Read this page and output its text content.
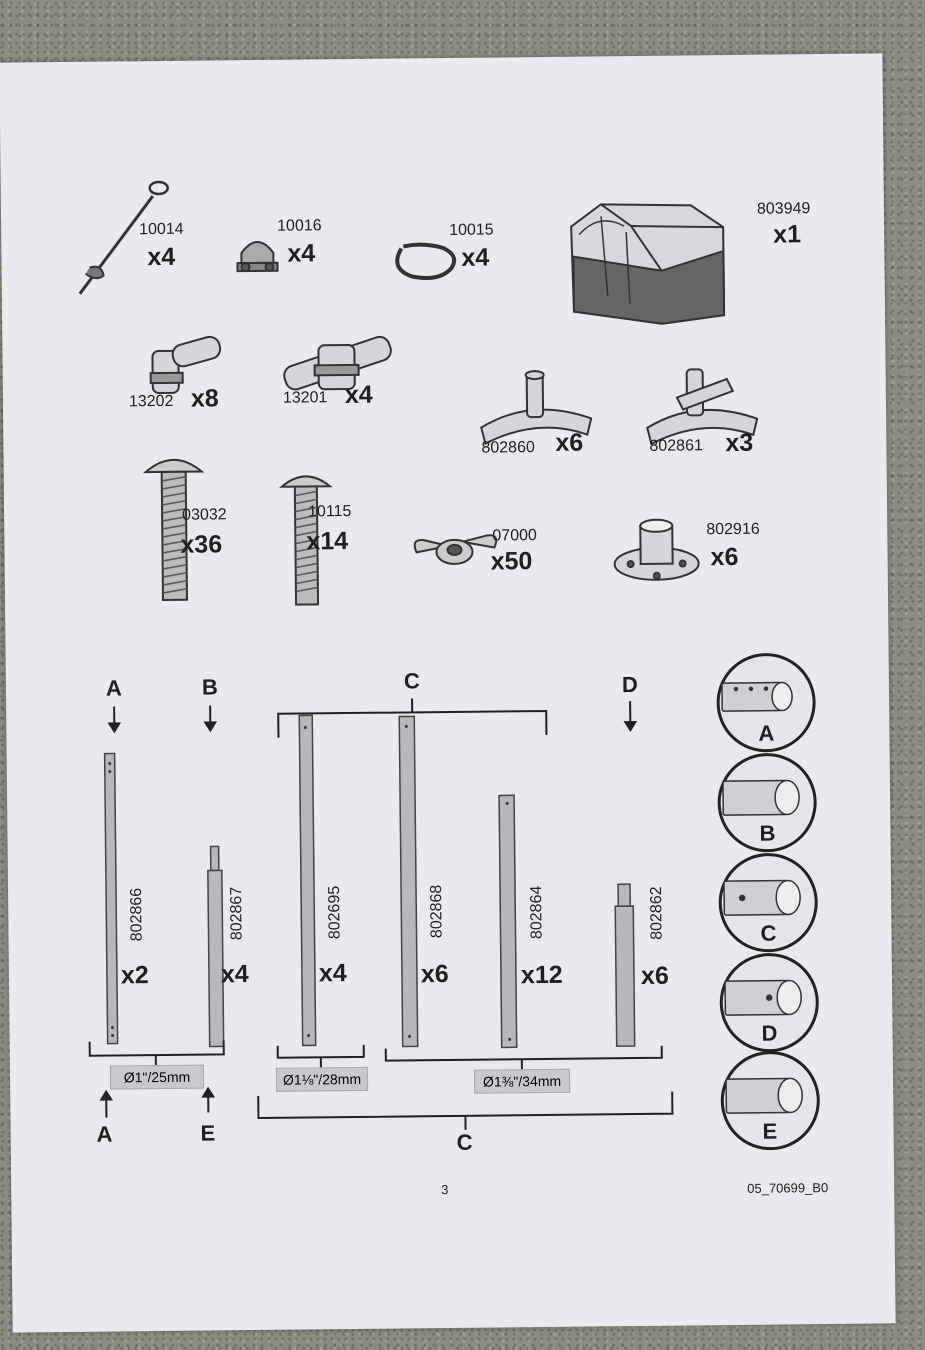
10014
x4
10016
x4
10015
x4
803949
x1
13202 x8	13201 x4
802860 x6	802861 x3
03032
x36
10115
x14	07000
x50
802916
x6
A	B	C	D
802866	802867	802695	802868	802864	802862
x2	x4	x4	x6	x12	x6
Ø1"/25mm	Ø1⅛"/28mm	Ø1⅜"/34mm
A	E	C
A
B
C
D
E
3	05_70699_B0
